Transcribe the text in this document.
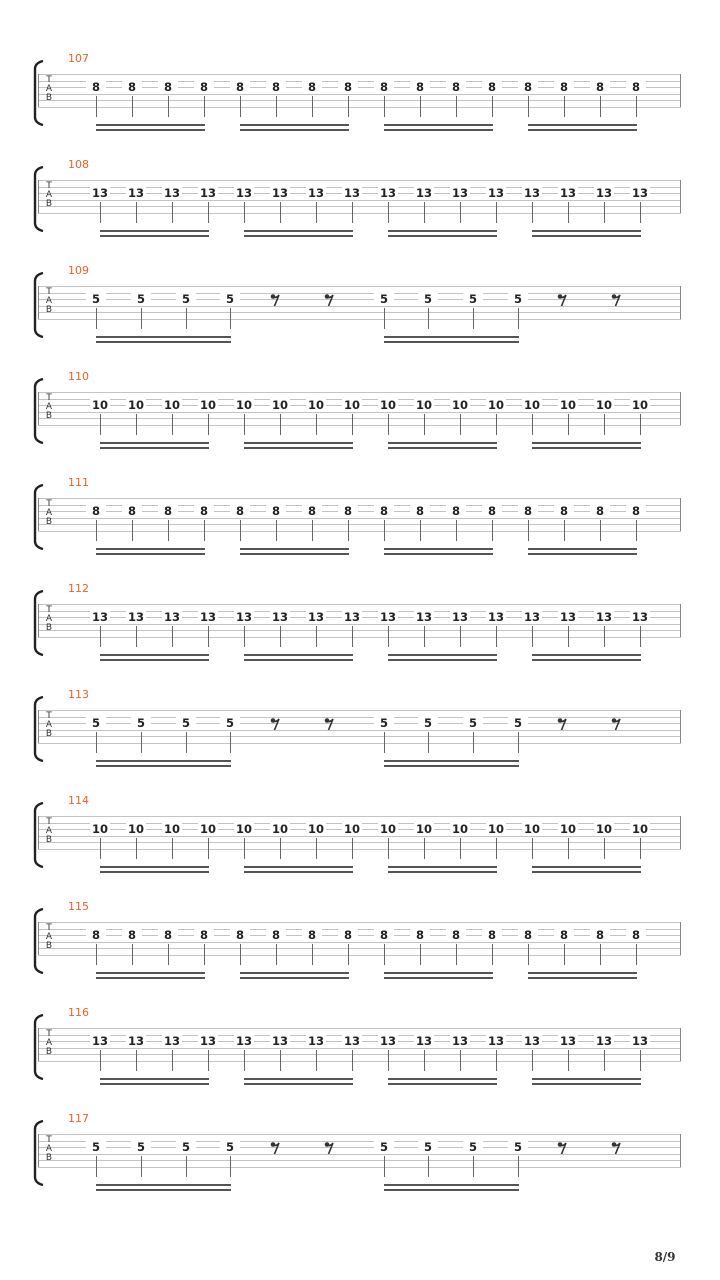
107
T
A
B
8	8	8	8	8	8	8	8	8	8	8	8	8	8	8	8
108
T
A
B
13 13 13 13 13 13 13 13 13 13 13 13 13 13 13 13
109
T
A
B
5	5	5	5	5	5	5	5
110
T
A
B
10 10 10 10 10 10 10 10 10 10 10 10 10 10 10 10
111
T
A
B
8	8	8	8	8	8	8	8	8	8	8	8	8	8	8	8
112
T
A
B
13 13 13 13 13 13 13 13 13 13 13 13 13 13 13 13
113
T
A
B
5	5	5	5	5	5	5	5
114
T
A
B
10 10 10 10 10 10 10 10 10 10 10 10 10 10 10 10
115
T
A
B
8	8	8	8	8	8	8	8	8	8	8	8	8	8	8	8
116
T
A
B
13 13 13 13 13 13 13 13 13 13 13 13 13 13 13 13
117
T
A
B
5	5	5	5	5	5	5	5
8/9
